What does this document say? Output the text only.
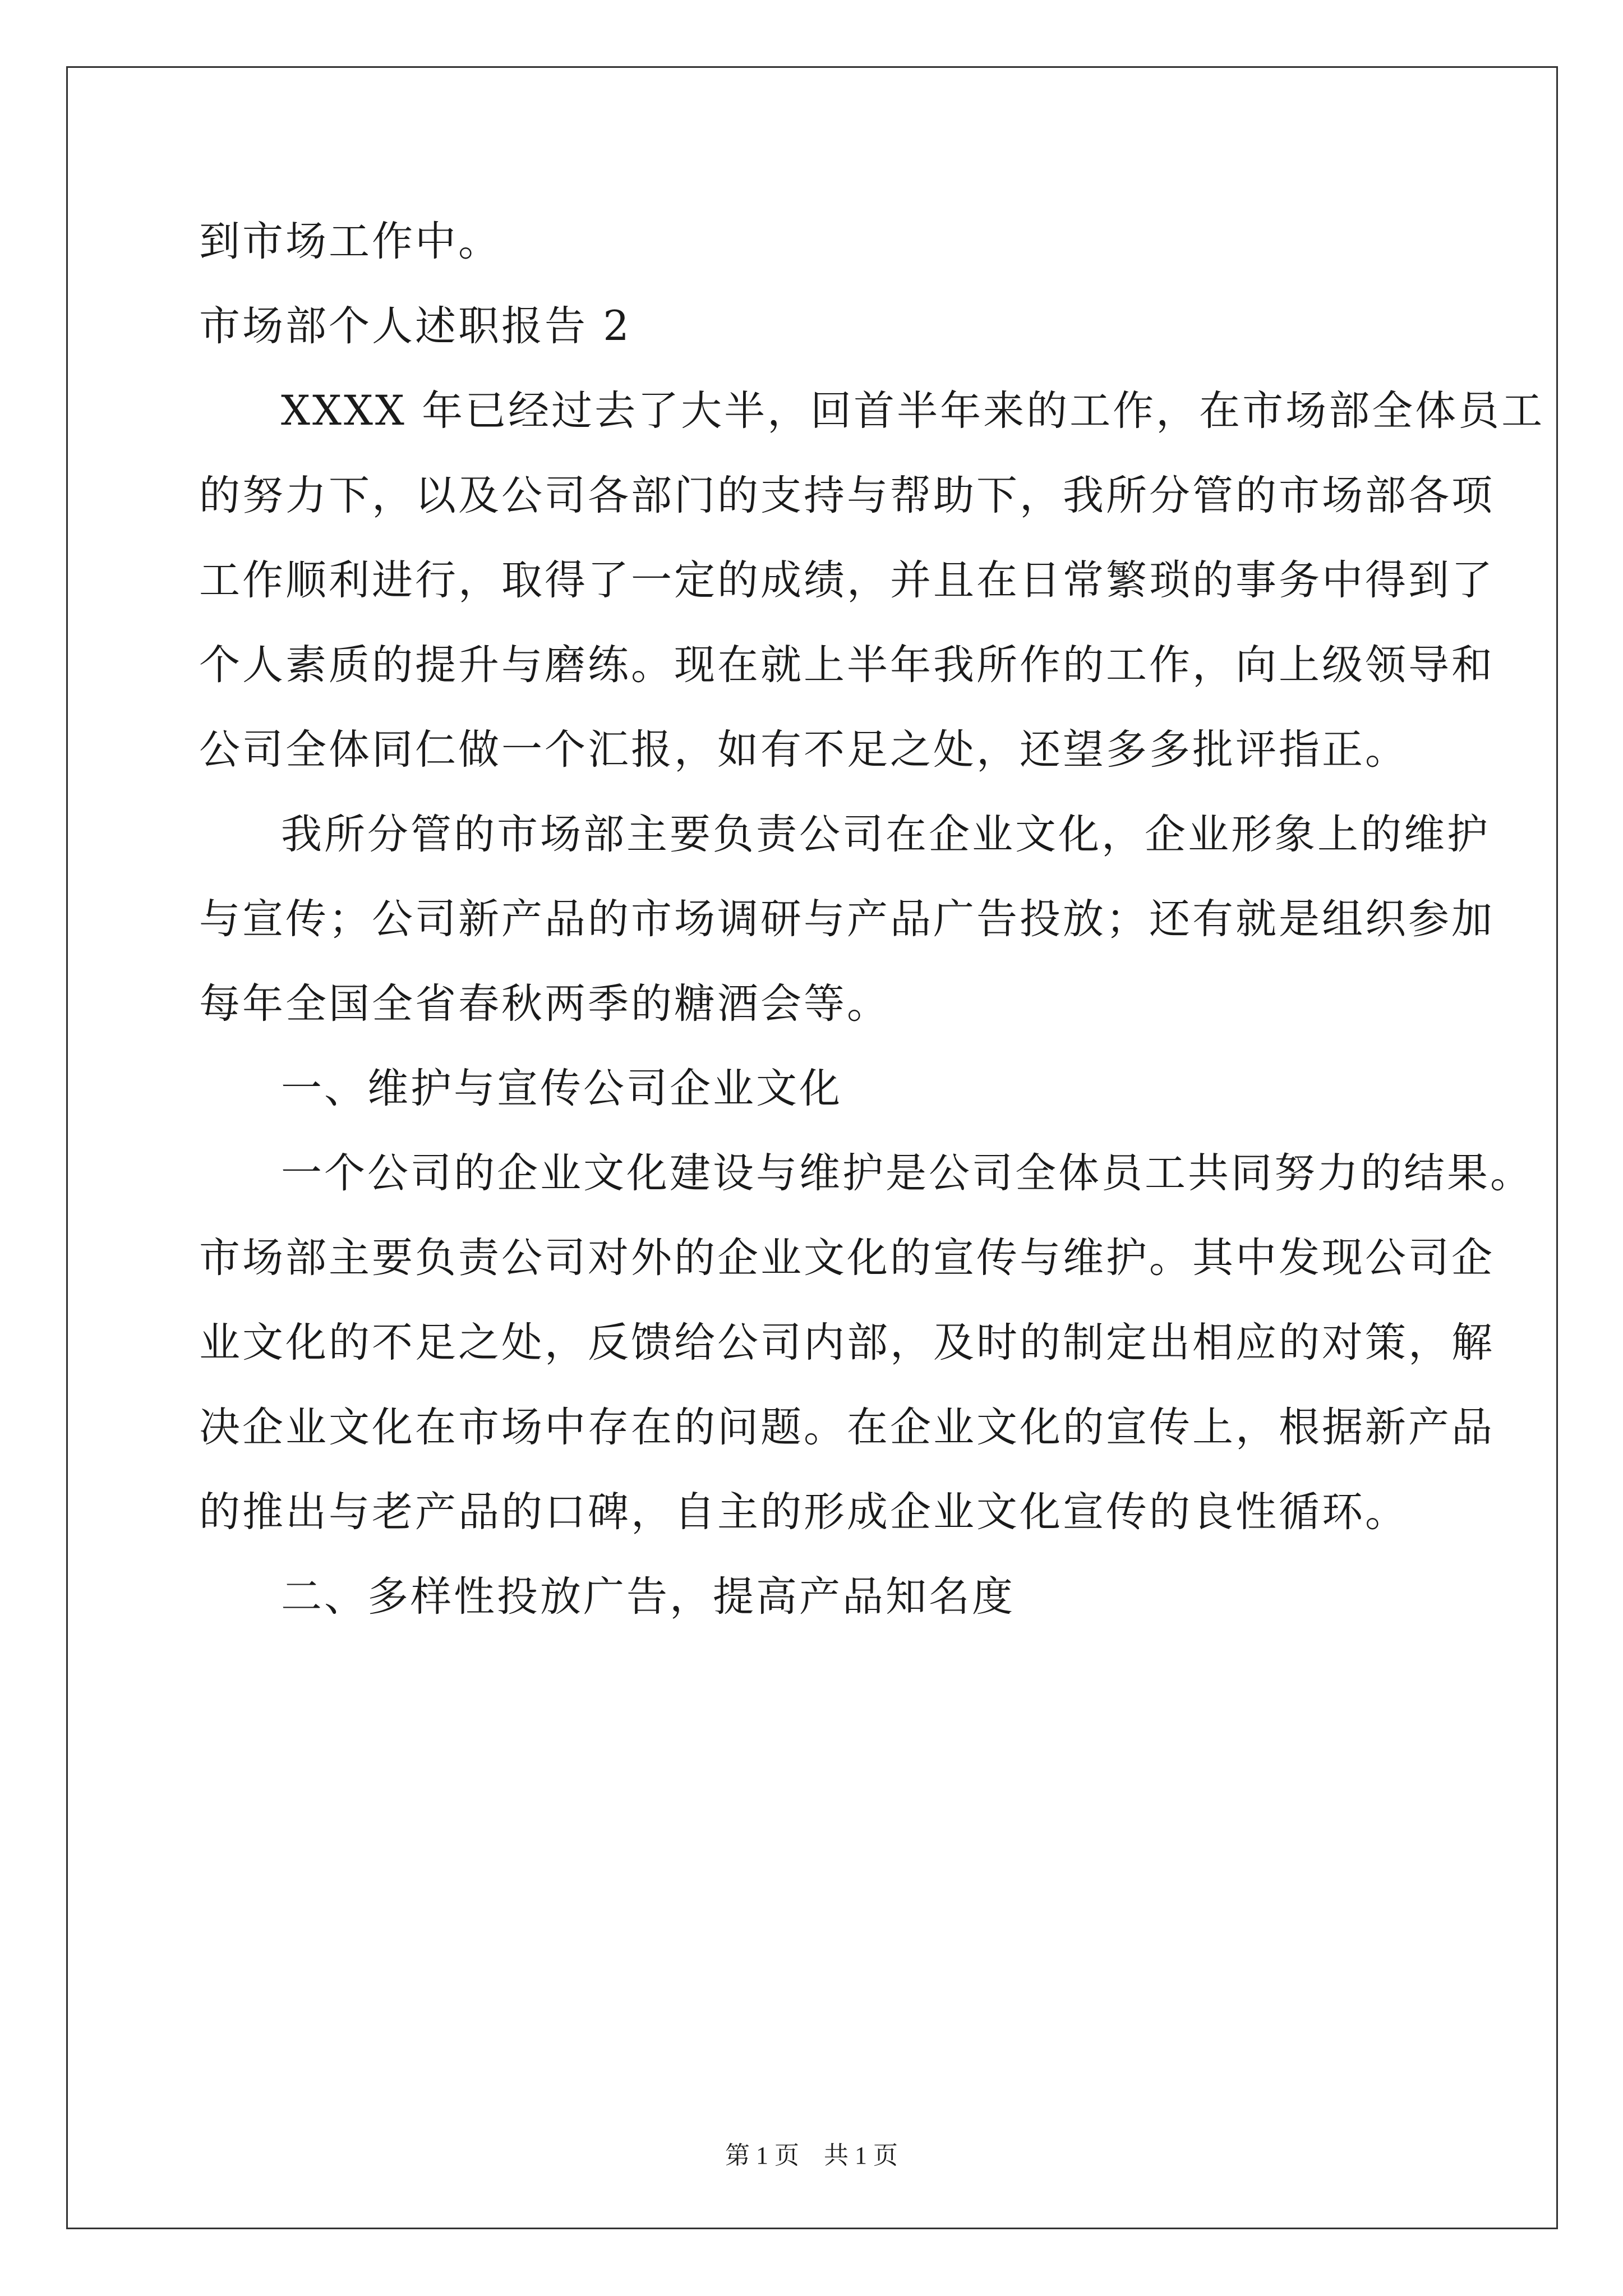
到市场工作中。
市场部个人述职报告 2
XXXX 年已经过去了大半，回首半年来的工作，在市场部全体员工
的努力下，以及公司各部门的支持与帮助下，我所分管的市场部各项
工作顺利进行，取得了一定的成绩，并且在日常繁琐的事务中得到了
个人素质的提升与磨练。现在就上半年我所作的工作，向上级领导和
公司全体同仁做一个汇报，如有不足之处，还望多多批评指正。
我所分管的市场部主要负责公司在企业文化，企业形象上的维护
与宣传；公司新产品的市场调研与产品广告投放；还有就是组织参加
每年全国全省春秋两季的糖酒会等。
一、维护与宣传公司企业文化
一个公司的企业文化建设与维护是公司全体员工共同努力的结果。
市场部主要负责公司对外的企业文化的宣传与维护。其中发现公司企
业文化的不足之处，反馈给公司内部，及时的制定出相应的对策，解
决企业文化在市场中存在的问题。在企业文化的宣传上，根据新产品
的推出与老产品的口碑，自主的形成企业文化宣传的良性循环。
二、多样性投放广告，提高产品知名度
第 1 页　共 1 页
